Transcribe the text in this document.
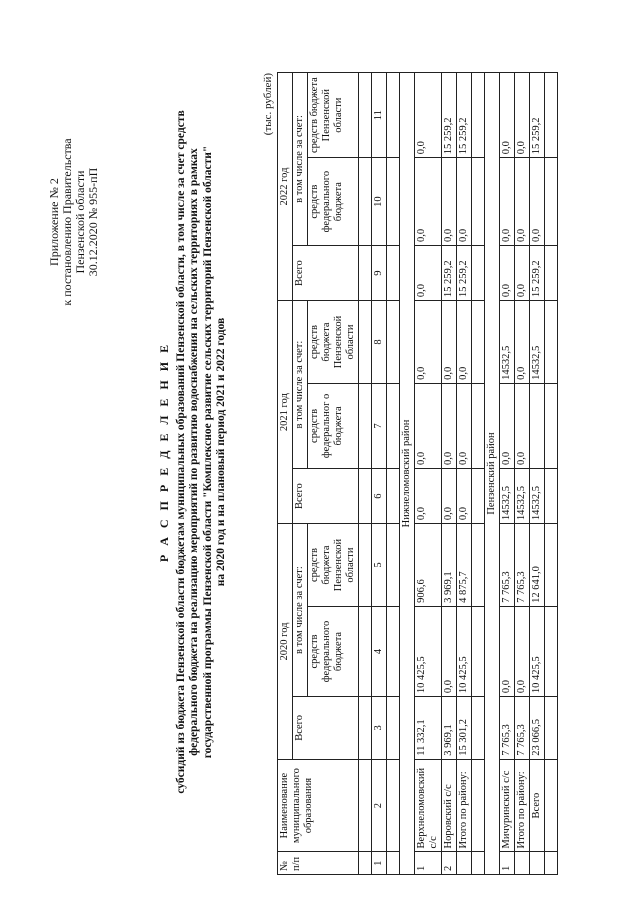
Приложение № 2 к постановлению Правительства Пензенской области 30.12.2020 № 955-пП
Р А С П Р Е Д Е Л Е Н И Е субсидий из бюджета Пензенской области бюджетам муниципальных образований Пензенской области, в том числе за счет средств федерального бюджета на реализацию мероприятий по развитию водоснабжения на сельских территориях в рамках государственной программы Пензенской области "Комплексное развитие сельских территорий Пензенской области" на 2020 год и на плановый период 2021 и 2022 годов
(тыс. рублей)
№ п/п	Наименование муниципального образования	2020 год			2021 год			2022 год		
		Всего	в том числе за счет:		Всего	в том числе за счет:		Всего	в том числе за счет:	
			средств федерального бюджета	средств бюджета Пензенской области		средств федеральног о бюджета	средств бюджета Пензенской области		средств федерального бюджета	средств бюджета Пензенской области

1	2	3	4	5	6	7	8	9	10	11

Нижнеломовский район										
1	Верхнеломовский с/с	11 332,1	10 425,5	906,6	0,0	0,0	0,0	0,0	0,0	0,0
2	Норовский с/с	3 969,1	0,0	3 969,1	0,0	0,0	0,0	15 259,2	0,0	15 259,2
	Итого по району:	15 301,2	10 425,5	4 875,7	0,0	0,0	0,0	15 259,2	0,0	15 259,2

Пензенский район										
1	Мичуринский с/с	7 765,3	0,0	7 765,3	14532,5	0,0	14532,5	0,0	0,0	0,0
	Итого по району:	7 765,3	0,0	7 765,3	14532,5	0,0	0,0	0,0	0,0	0,0
	Всего	23 066,5	10 425,5	12 641,0	14532,5		14532,5	15 259,2	0,0	15 259,2
